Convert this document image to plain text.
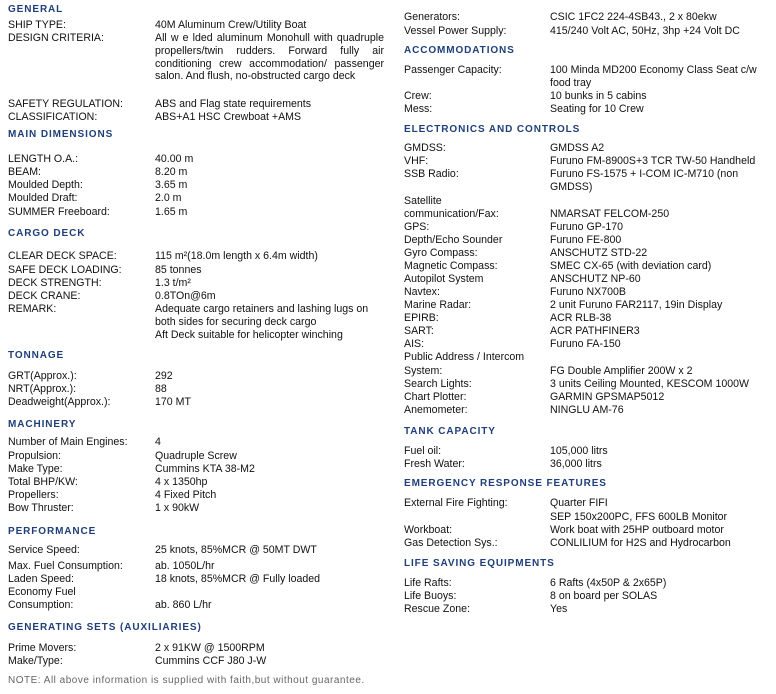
GENERAL
SHIP TYPE:	40M Aluminum Crew/Utility Boat
DESIGN CRITERIA:	All w e lded aluminum Monohull with quadruple propellers/twin rudders. Forward fully air conditioning crew accommodation/ passenger salon. And flush, no-obstructed cargo deck
SAFETY REGULATION:	ABS and Flag state requirements
CLASSIFICATION:	ABS+A1 HSC Crewboat +AMS
MAIN DIMENSIONS
LENGTH O.A.:	40.00 m
BEAM:	8.20 m
Moulded Depth:	3.65 m
Moulded Draft:	2.0 m
SUMMER Freeboard:	1.65 m
CARGO DECK
CLEAR DECK SPACE:	115 m²(18.0m length x 6.4m width)
SAFE DECK LOADING:	85 tonnes
DECK STRENGTH:	1.3 t/m²
DECK CRANE:	0.8TOn@6m
REMARK:	Adequate cargo retainers and lashing lugs on both sides for securing deck cargo
Aft Deck suitable for helicopter winching
TONNAGE
GRT(Approx.):	292
NRT(Approx.):	88
Deadweight(Approx.):	170 MT
MACHINERY
Number of Main Engines:	4
Propulsion:	Quadruple Screw
Make Type:	Cummins KTA 38-M2
Total BHP/KW:	4 x 1350hp
Propellers:	4 Fixed Pitch
Bow Thruster:	1 x 90kW
PERFORMANCE
Service Speed:	25 knots, 85%MCR @ 50MT DWT
Max. Fuel Consumption:	ab. 1050L/hr
Laden Speed:	18 knots, 85%MCR @ Fully loaded
Economy Fuel
Consumption:	ab. 860 L/hr
GENERATING SETS (AUXILIARIES)
Prime Movers:	2 x 91KW @ 1500RPM
Make/Type:	Cummins CCF J80 J-W
Generators:	CSIC 1FC2 224-4SB43., 2 x 80ekw
Vessel Power Supply:	415/240 Volt AC, 50Hz, 3hp +24 Volt DC
ACCOMMODATIONS
Passenger Capacity:	100 Minda MD200 Economy Class Seat c/w food tray
Crew:	10 bunks in 5 cabins
Mess:	Seating for 10 Crew
ELECTRONICS AND CONTROLS
GMDSS:	GMDSS A2
VHF:	Furuno FM-8900S+3 TCR TW-50 Handheld
SSB Radio:	Furuno FS-1575 + I-COM IC-M710 (non GMDSS)
Satellite communication/Fax:	NMARSAT FELCOM-250
GPS:	Furuno GP-170
Depth/Echo Sounder	Furuno FE-800
Gyro Compass:	ANSCHUTZ STD-22
Magnetic Compass:	SMEC CX-65 (with deviation card)
Autopilot System	ANSCHUTZ NP-60
Navtex:	Furuno NX700B
Marine Radar:	2 unit Furuno FAR2117, 19in Display
EPIRB:	ACR RLB-38
SART:	ACR PATHFINER3
AIS:	Furuno FA-150
Public Address / Intercom
System:	FG Double Amplifier 200W x 2
Search Lights:	3 units Ceiling Mounted, KESCOM 1000W
Chart Plotter:	GARMIN GPSMAP5012
Anemometer:	NINGLU AM-76
TANK CAPACITY
Fuel oil:	105,000 litrs
Fresh Water:	36,000 litrs
EMERGENCY RESPONSE FEATURES
External Fire Fighting:	Quarter FIFI
SEP 150x200PC, FFS 600LB Monitor
Workboat:	Work boat with 25HP outboard motor
Gas Detection Sys.:	CONLILIUM for H2S and Hydrocarbon
LIFE SAVING EQUIPMENTS
Life Rafts:	6 Rafts (4x50P & 2x65P)
Life Buoys:	8 on board per SOLAS
Rescue Zone:	Yes
NOTE: All above information is supplied with faith,but without guarantee.
